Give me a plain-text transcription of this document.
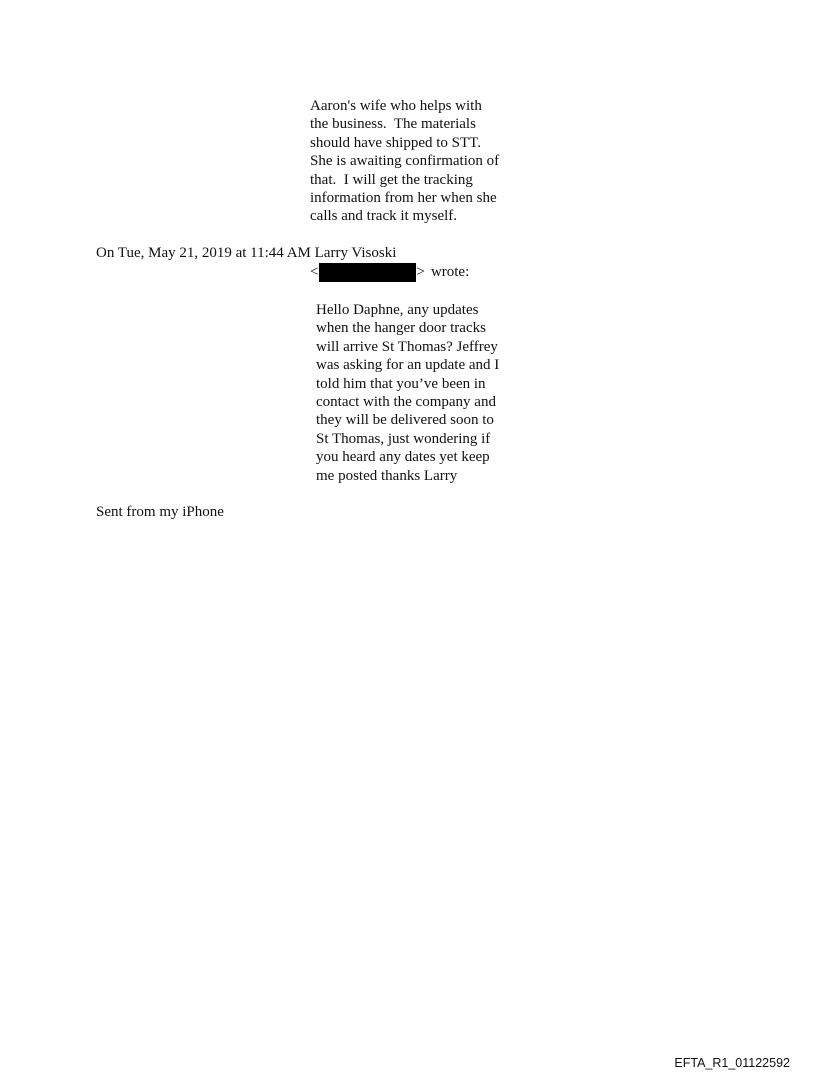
Aaron's wife who helps with
the business.  The materials
should have shipped to STT.
She is awaiting confirmation of
that.  I will get the tracking
information from her when she
calls and track it myself.
On Tue, May 21, 2019 at 11:44 AM Larry Visoski
<	> wrote:
Hello Daphne, any updates
when the hanger door tracks
will arrive St Thomas? Jeffrey
was asking for an update and I
told him that you’ve been in
contact with the company and
they will be delivered soon to
St Thomas, just wondering if
you heard any dates yet keep
me posted thanks Larry
Sent from my iPhone
EFTA_R1_01122592
